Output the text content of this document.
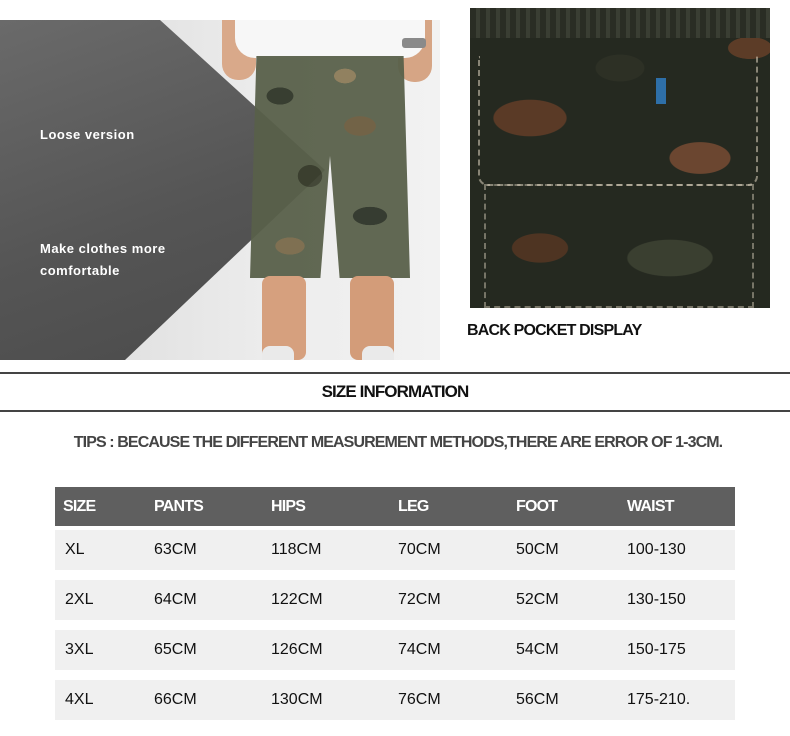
Loose version
Make clothes more comfortable
BACK POCKET DISPLAY
SIZE INFORMATION
TIPS : BECAUSE THE DIFFERENT MEASUREMENT METHODS,THERE ARE ERROR OF 1-3CM.
SIZE	PANTS	HIPS	LEG	FOOT	WAIST
XL	63CM	118CM	70CM	50CM	100-130
2XL	64CM	122CM	72CM	52CM	130-150
3XL	65CM	126CM	74CM	54CM	150-175
4XL	66CM	130CM	76CM	56CM	175-210.
